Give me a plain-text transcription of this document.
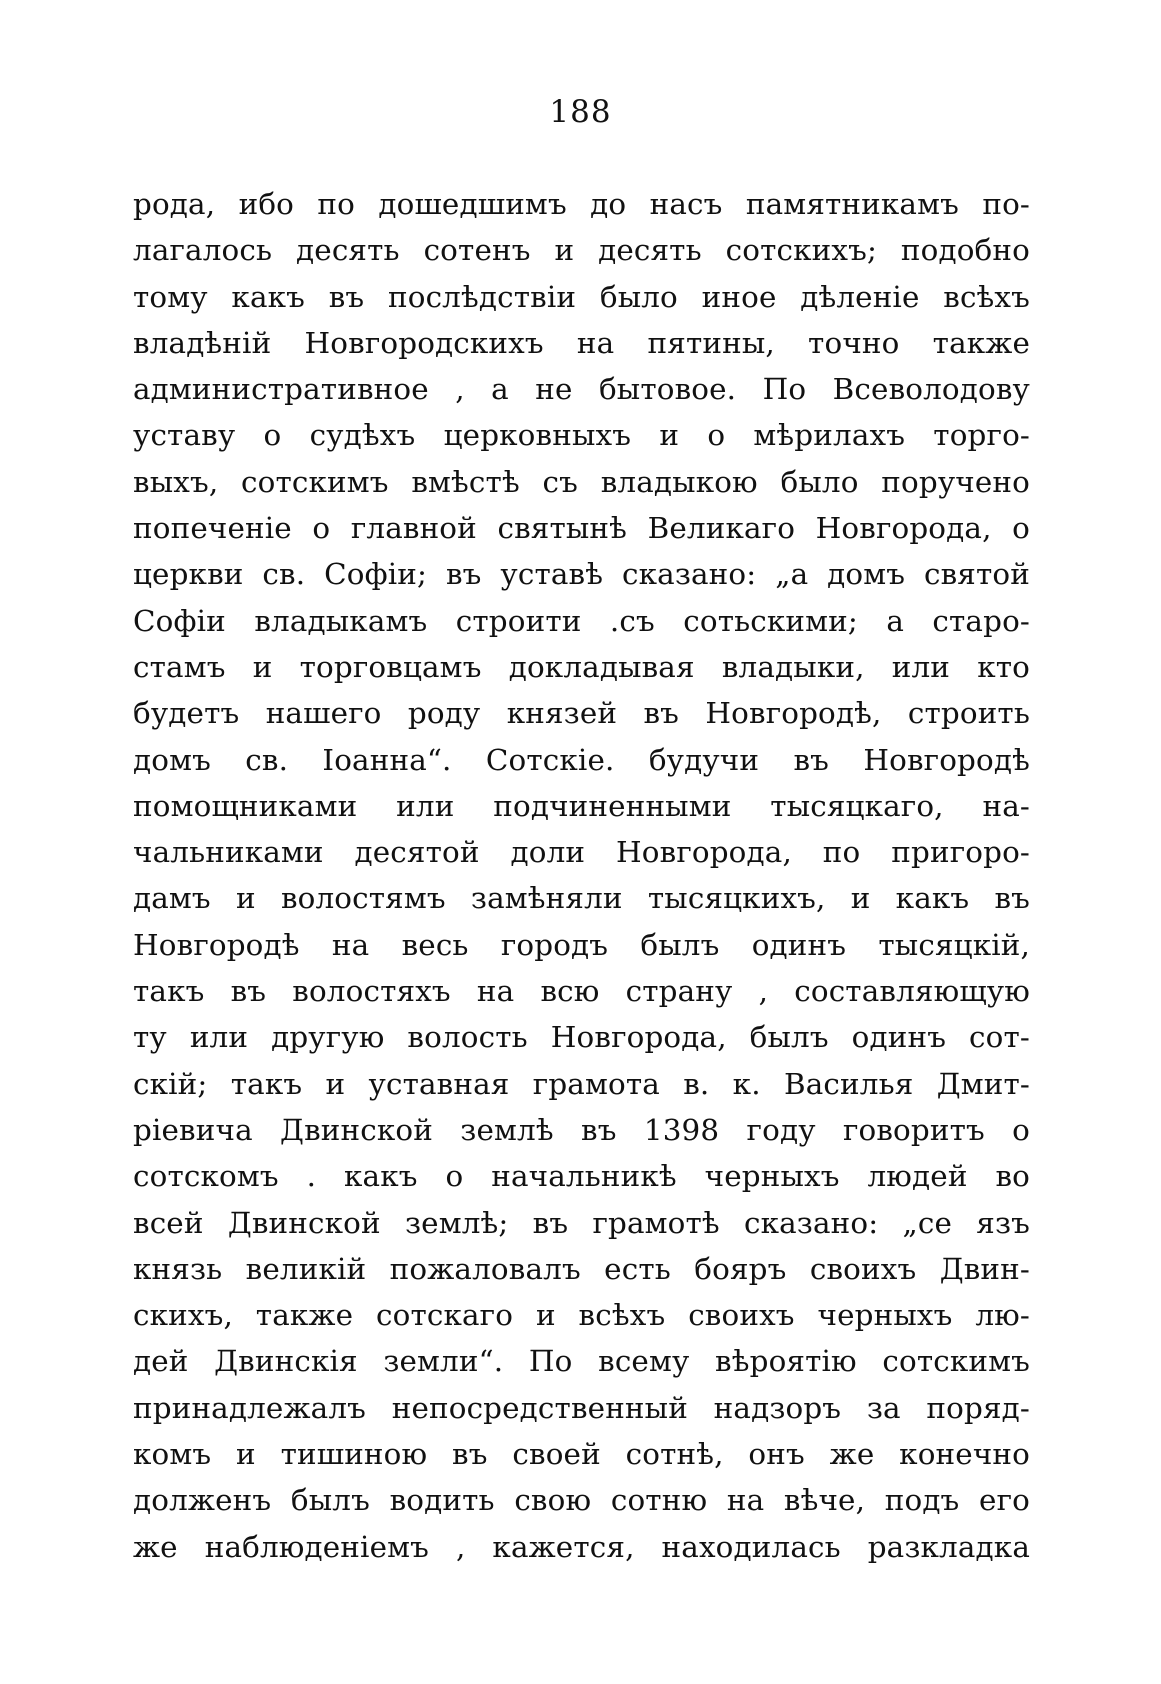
188
рода, ибо по дошедшимъ до насъ памятникамъ по-
лагалось десять сотенъ и десять сотскихъ; подобно
тому какъ въ послѣдствіи было иное дѣленіе всѣхъ
владѣній Новгородскихъ на пятины, точно также
административное , а не бытовое. По Всеволодову
уставу о судѣхъ церковныхъ и о мѣрилахъ торго-
выхъ, сотскимъ вмѣстѣ съ владыкою было поручено
попеченіе о главной святынѣ Великаго Новгорода, о
церкви св. Софіи; въ уставѣ сказано: „а домъ святой
Софіи владыкамъ строити .съ сотьскими; а старо-
стамъ и торговцамъ докладывая владыки, или кто
будетъ нашего роду князей въ Новгородѣ, строить
домъ св. Іоанна“. Сотскіе. будучи въ Новгородѣ
помощниками или подчиненными тысяцкаго, на-
чальниками десятой доли Новгорода, по пригоро-
дамъ и волостямъ замѣняли тысяцкихъ, и какъ въ
Новгородѣ на весь городъ былъ одинъ тысяцкій,
такъ въ волостяхъ на всю страну , составляющую
ту или другую волость Новгорода, былъ одинъ сот-
скій; такъ и уставная грамота в. к. Василья Дмит-
ріевича Двинской землѣ въ 1398 году говоритъ о
сотскомъ . какъ о начальникѣ черныхъ людей во
всей Двинской землѣ; въ грамотѣ сказано: „се язъ
князь великій пожаловалъ есть бояръ своихъ Двин-
скихъ, также сотскаго и всѣхъ своихъ черныхъ лю-
дей Двинскія земли“. По всему вѣроятію сотскимъ
принадлежалъ непосредственный надзоръ за поряд-
комъ и тишиною въ своей сотнѣ, онъ же конечно
долженъ былъ водить свою сотню на вѣче, подъ его
же наблюденіемъ , кажется, находилась разкладка
